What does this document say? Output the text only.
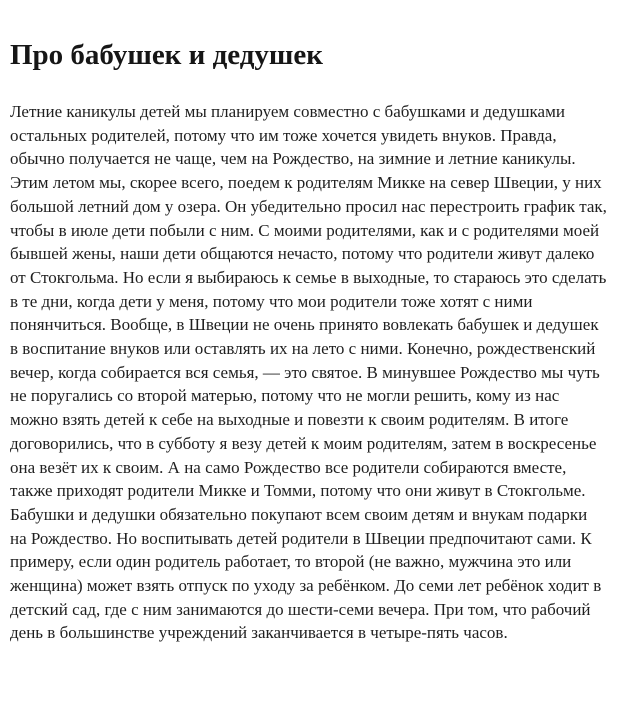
Про бабушек и дедушек

Летние каникулы детей мы планируем совместно с бабушками и дедушками
остальных родителей, потому что им тоже хочется увидеть внуков. Правда,
обычно получается не чаще, чем на Рождество, на зимние и летние каникулы.
Этим летом мы, скорее всего, поедем к родителям Микке на север Швеции, у них
большой летний дом у озера. Он убедительно просил нас перестроить график так,
чтобы в июле дети побыли с ним. С моими родителями, как и с родителями моей
бывшей жены, наши дети общаются нечасто, потому что родители живут далеко
от Стокгольма. Но если я выбираюсь к семье в выходные, то стараюсь это сделать
в те дни, когда дети у меня, потому что мои родители тоже хотят с ними
понянчиться. Вообще, в Швеции не очень принято вовлекать бабушек и дедушек
в воспитание внуков или оставлять их на лето с ними. Конечно, рождественский
вечер, когда собирается вся семья, — это святое. В минувшее Рождество мы чуть
не поругались со второй матерью, потому что не могли решить, кому из нас
можно взять детей к себе на выходные и повезти к своим родителям. В итоге
договорились, что в субботу я везу детей к моим родителям, затем в воскресенье
она везёт их к своим. А на само Рождество все родители собираются вместе,
также приходят родители Микке и Томми, потому что они живут в Стокгольме.
Бабушки и дедушки обязательно покупают всем своим детям и внукам подарки
на Рождество. Но воспитывать детей родители в Швеции предпочитают сами. К
примеру, если один родитель работает, то второй (не важно, мужчина это или
женщина) может взять отпуск по уходу за ребёнком. До семи лет ребёнок ходит в
детский сад, где с ним занимаются до шести-семи вечера. При том, что рабочий
день в большинстве учреждений заканчивается в четыре-пять часов.
